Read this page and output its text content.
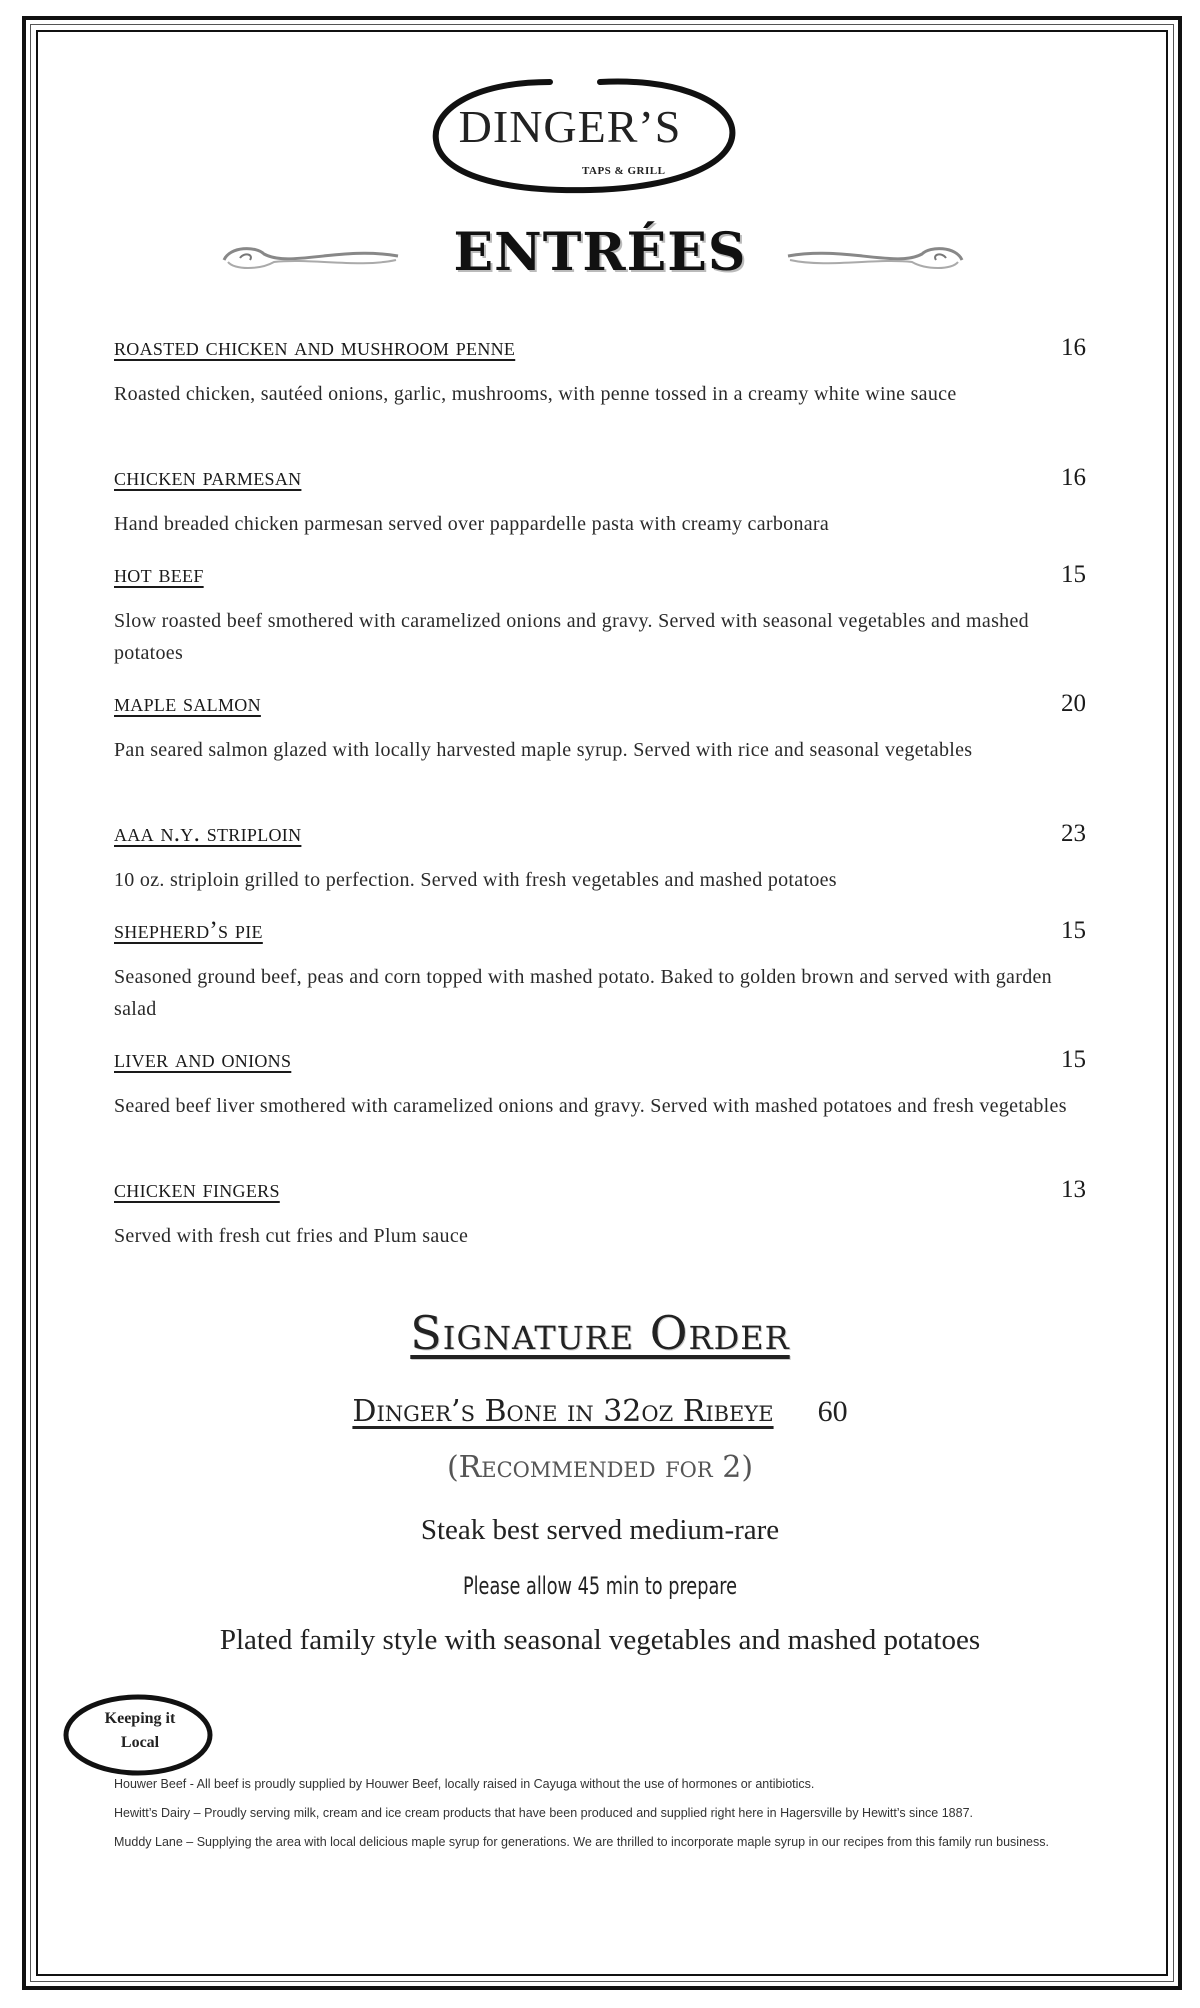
DINGER’S
TAPS & GRILL
ENTRÉES
roasted chicken and mushroom penne	16

Roasted chicken, sautéed onions, garlic, mushrooms, with penne tossed in a creamy white wine sauce

chicken parmesan	16

Hand breaded chicken parmesan served over pappardelle pasta with creamy carbonara

hot beef	15

Slow roasted beef smothered with caramelized onions and gravy. Served with seasonal vegetables and mashed potatoes

maple salmon	20

Pan seared salmon glazed with locally harvested maple syrup. Served with rice and seasonal vegetables

aaa n.y. striploin	23

10 oz. striploin grilled to perfection. Served with fresh vegetables and mashed potatoes

shepherd’s pie	15

Seasoned ground beef, peas and corn topped with mashed potato. Baked to golden brown and served with garden salad

liver and onions	15

Seared beef liver smothered with caramelized onions and gravy. Served with mashed potatoes and fresh vegetables

chicken fingers	13

Served with fresh cut fries and Plum sauce

Signature Order
Dinger’s Bone in 32oz Ribeye 60
(Recommended for 2)
Steak best served medium-rare
Please allow 45 min to prepare
Plated family style with seasonal vegetables and mashed potatoes
Keeping it
Local

Houwer Beef - All beef is proudly supplied by Houwer Beef, locally raised in Cayuga without the use of hormones or antibiotics.

Hewitt’s Dairy – Proudly serving milk, cream and ice cream products that have been produced and supplied right here in Hagersville by Hewitt’s since 1887.

Muddy Lane – Supplying the area with local delicious maple syrup for generations. We are thrilled to incorporate maple syrup in our recipes from this family run business.
